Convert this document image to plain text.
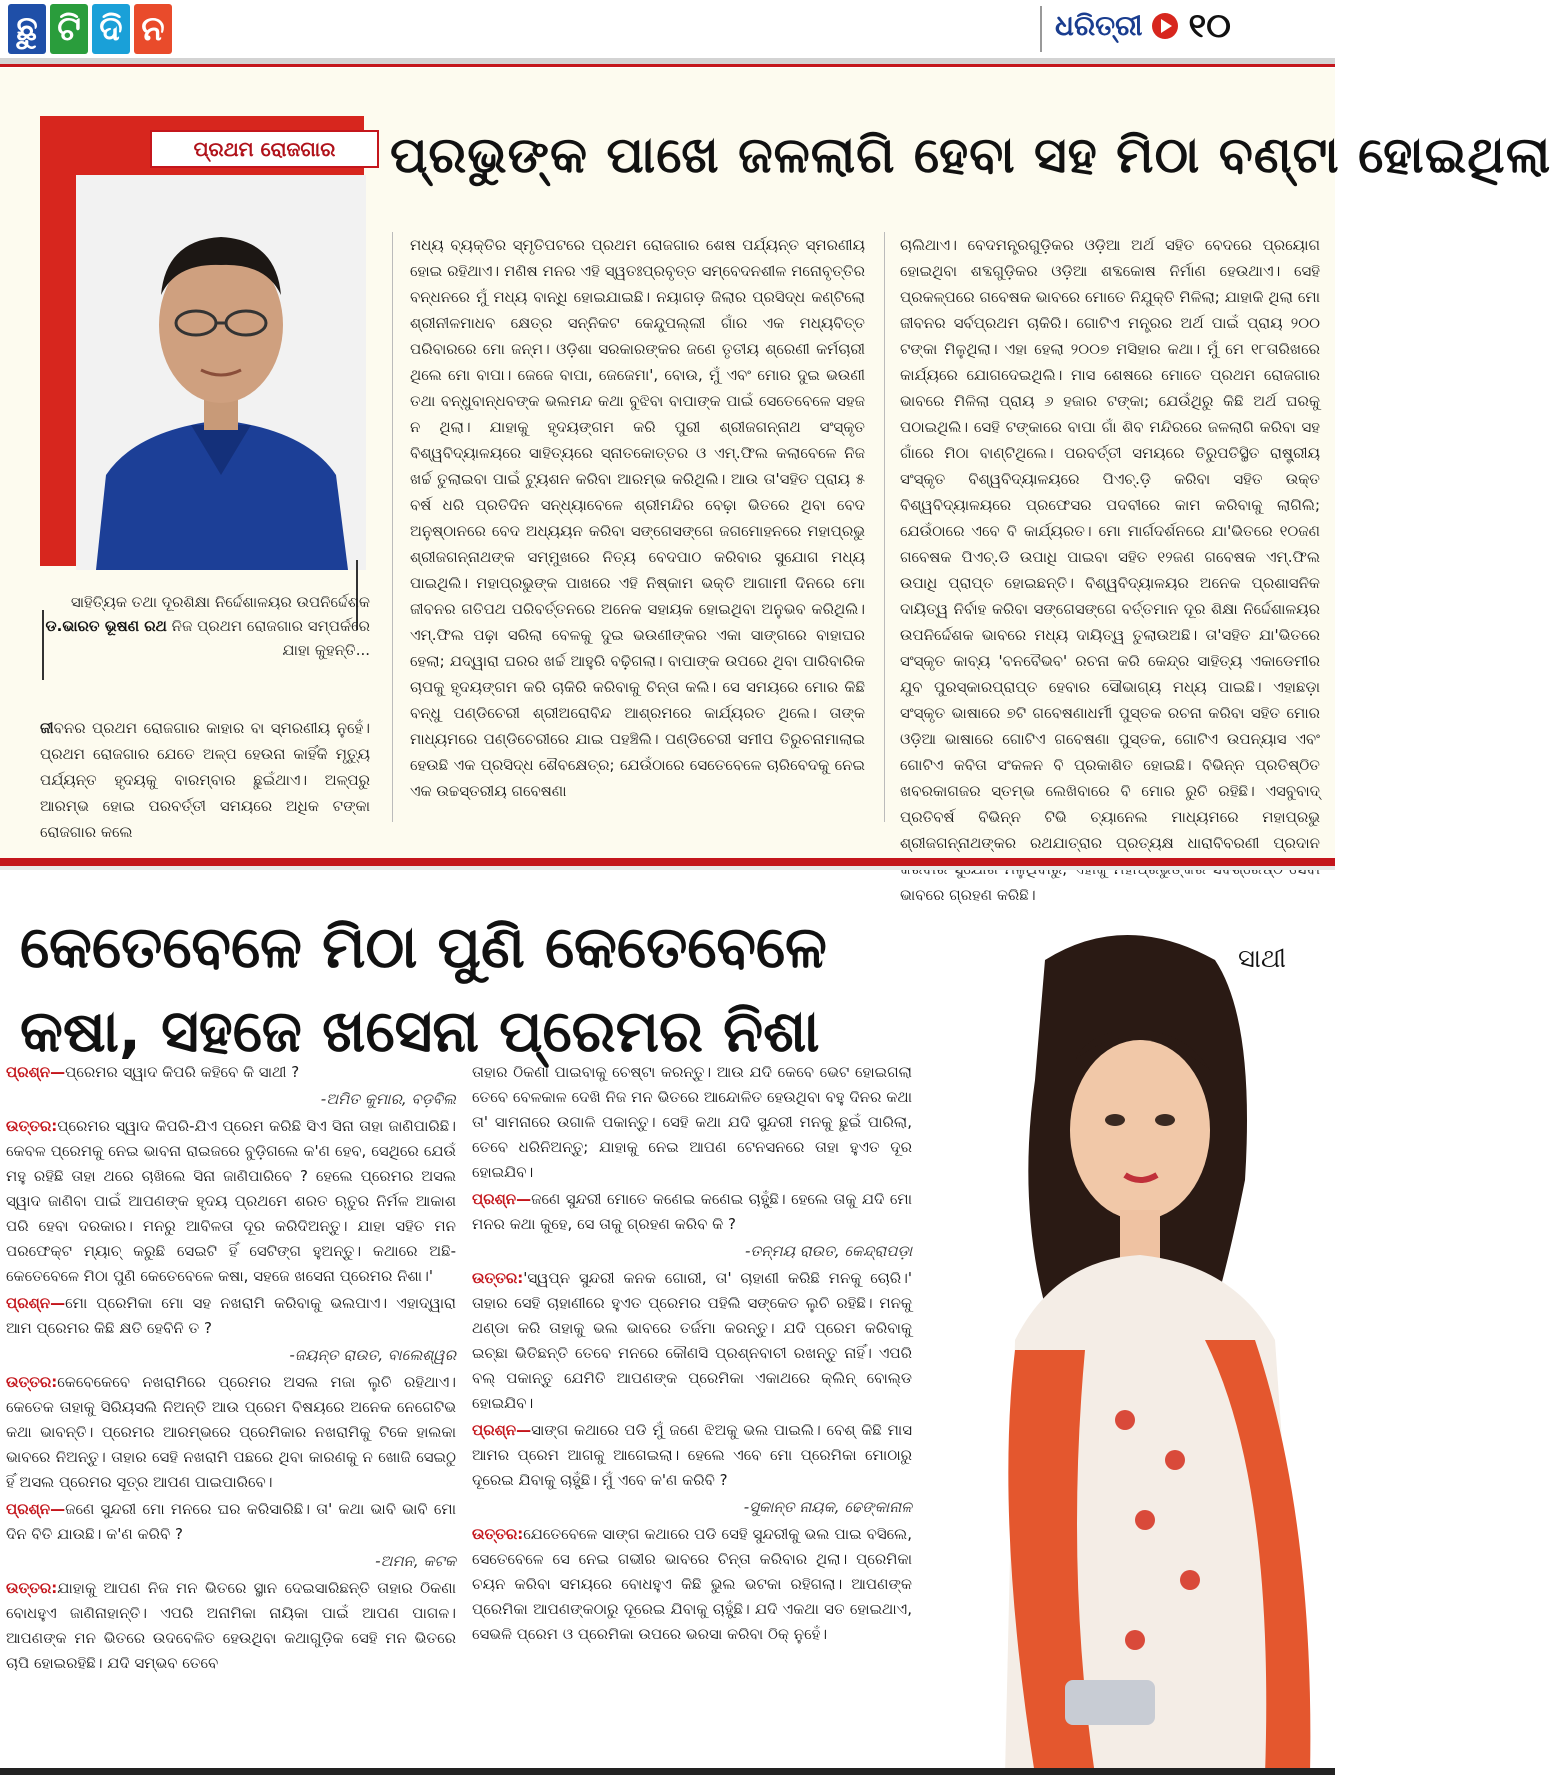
ଛୁ ଟି ଦି ନ	ଧରିତ୍ରୀ ୧୦
ପ୍ରଥମ ରୋଜଗାର	ପ୍ରଭୁଙ୍କ ପାଖେ ଜଳଲାଗି ହେବା ସହ ମିଠା ବଣ୍ଟା ହୋଇଥିଲା
ସାହିତ୍ୟିକ ତଥା ଦୂରଶିକ୍ଷା ନିର୍ଦ୍ଦେଶାଳୟର ଉପନିର୍ଦ୍ଦେଶକ ଡ.ଭାରତ ଭୂଷଣ ରଥ ନିଜ ପ୍ରଥମ ରୋଜଗାର ସମ୍ପର୍କରେ ଯାହା କୁହନ୍ତି...
ଜୀବନର ପ୍ରଥମ ରୋଜଗାର କାହାର ବା ସ୍ମରଣୀୟ ନୁହେଁ। ପ୍ରଥମ ରୋଜଗାର ଯେତେ ଅଳ୍ପ ହେଉନା କାହିଁକି ମୃତ୍ୟୁ ପର୍ଯ୍ୟନ୍ତ ହୃଦୟକୁ ବାରମ୍ବାର ଛୁଇଁଥାଏ। ଅଳ୍ପରୁ ଆରମ୍ଭ ହୋଇ ପରବର୍ତ୍ତୀ ସମୟରେ ଅଧିକ ଟଙ୍କା ରୋଜଗାର କଲେ
ମଧ୍ୟ ବ୍ୟକ୍ତିର ସ୍ମୃତିପଟରେ ପ୍ରଥମ ରୋଜଗାର ଶେଷ ପର୍ଯ୍ୟନ୍ତ ସ୍ମରଣୀୟ ହୋଇ ରହିଥାଏ। ମଣିଷ ମନର ଏହି ସ୍ୱତଃପ୍ରବୃତ୍ତ ସମ୍ବେଦନଶୀଳ ମନୋବୃତ୍ତିର ବନ୍ଧନରେ ମୁଁ ମଧ୍ୟ ବାନ୍ଧି ହୋଇଯାଇଛି। ନୟାଗଡ଼ ଜିଲାର ପ୍ରସିଦ୍ଧ କଣ୍ଟିଲୋ ଶ୍ରୀନୀଳମାଧବ କ୍ଷେତ୍ର ସନ୍ନିକଟ କେନ୍ଦୁପଲ୍ଲୀ ଗାଁର ଏକ ମଧ୍ୟବିତ୍ତ ପରିବାରରେ ମୋ ଜନ୍ମ। ଓଡ଼ିଶା ସରକାରଙ୍କର ଜଣେ ତୃତୀୟ ଶ୍ରେଣୀ କର୍ମଚାରୀ ଥିଲେ ମୋ ବାପା। ଜେଜେ ବାପା, ଜେଜେମା', ବୋଉ, ମୁଁ ଏବଂ ମୋର ଦୁଇ ଭଉଣୀ ତଥା ବନ୍ଧୁବାନ୍ଧବଙ୍କ ଭଲମନ୍ଦ କଥା ବୁଝିବା ବାପାଙ୍କ ପାଇଁ ସେତେବେଳେ ସହଜ ନ ଥିଲା। ଯାହାକୁ ହୃଦୟଙ୍ଗମ କରି ପୁରୀ ଶ୍ରୀଜଗନ୍ନାଥ ସଂସ୍କୃତ ବିଶ୍ୱବିଦ୍ୟାଳୟରେ ସାହିତ୍ୟରେ ସ୍ନାତକୋତ୍ତର ଓ ଏମ୍.ଫିଲ କଲାବେଳେ ନିଜ ଖର୍ଚ୍ଚ ତୁଲାଇବା ପାଇଁ ଟ୍ୟୁଶନ କରିବା ଆରମ୍ଭ କରିଥିଲି। ଆଉ ତା'ସହିତ ପ୍ରାୟ ୫ ବର୍ଷ ଧରି ପ୍ରତିଦିନ ସନ୍ଧ୍ୟାବେଳେ ଶ୍ରୀମନ୍ଦିର ବେଢ଼ା ଭିତରେ ଥିବା ବେଦ ଅନୁଷ୍ଠାନରେ ବେଦ ଅଧ୍ୟୟନ କରିବା ସଙ୍ଗେସଙ୍ଗେ ଜଗମୋହନରେ ମହାପ୍ରଭୁ ଶ୍ରୀଜଗନ୍ନାଥଙ୍କ ସମ୍ମୁଖରେ ନିତ୍ୟ ବେଦପାଠ କରିବାର ସୁଯୋଗ ମଧ୍ୟ ପାଇଥିଲି। ମହାପ୍ରଭୁଙ୍କ ପାଖରେ ଏହି ନିଷ୍କାମ ଭକ୍ତି ଆଗାମୀ ଦିନରେ ମୋ ଜୀବନର ଗତିପଥ ପରିବର୍ତ୍ତନରେ ଅନେକ ସହାୟକ ହୋଇଥିବା ଅନୁଭବ କରିଥିଲି। ଏମ୍.ଫିଲ ପଢ଼ା ସରିଲା ବେଳକୁ ଦୁଇ ଭଉଣୀଙ୍କର ଏକା ସାଙ୍ଗରେ ବାହାଘର ହେଲା; ଯଦ୍ୱାରା ଘରର ଖର୍ଚ୍ଚ ଆହୁରି ବଢ଼ିଗଲା। ବାପାଙ୍କ ଉପରେ ଥିବା ପାରିବାରିକ ଚାପକୁ ହୃଦୟଙ୍ଗମ କରି ଚାକିରି କରିବାକୁ ଚିନ୍ତା କଲି। ସେ ସମୟରେ ମୋର କିଛି ବନ୍ଧୁ ପଣ୍ଡିଚେରୀ ଶ୍ରୀଅରୋବିନ୍ଦ ଆଶ୍ରମରେ କାର୍ଯ୍ୟରତ ଥିଲେ। ତାଙ୍କ ମାଧ୍ୟମରେ ପଣ୍ଡିଚେରୀରେ ଯାଇ ପହଞ୍ଚିଲି। ପଣ୍ଡିଚେରୀ ସମୀପ ତିରୁଚନାମାଲାଇ ହେଉଛି ଏକ ପ୍ରସିଦ୍ଧ ଶୈବକ୍ଷେତ୍ର; ଯେଉଁଠାରେ ସେତେବେଳେ ଚାରିବେଦକୁ ନେଇ ଏକ ଉଚ୍ଚସ୍ତରୀୟ ଗବେଷଣା
ଚାଲିଥାଏ। ବେଦମନ୍ତ୍ରଗୁଡ଼ିକର ଓଡ଼ିଆ ଅର୍ଥ ସହିତ ବେଦରେ ପ୍ରୟୋଗ ହୋଇଥିବା ଶବ୍ଦଗୁଡ଼ିକର ଓଡ଼ିଆ ଶବ୍ଦକୋଷ ନିର୍ମାଣ ହେଉଥାଏ। ସେହି ପ୍ରକଳ୍ପରେ ଗବେଷକ ଭାବରେ ମୋତେ ନିଯୁକ୍ତି ମିଳିଲା; ଯାହାକି ଥିଲା ମୋ ଜୀବନର ସର୍ବପ୍ରଥମ ଚାକିରି। ଗୋଟିଏ ମନ୍ତ୍ରର ଅର୍ଥ ପାଇଁ ପ୍ରାୟ ୨୦୦ ଟଙ୍କା ମିଳୁଥିଲା। ଏହା ହେଲା ୨୦୦୭ ମସିହାର କଥା। ମୁଁ ମେ ୧୮ତାରିଖରେ କାର୍ଯ୍ୟରେ ଯୋଗଦେଇଥିଲି। ମାସ ଶେଷରେ ମୋତେ ପ୍ରଥମ ରୋଜଗାର ଭାବରେ ମିଳିଲା ପ୍ରାୟ ୬ ହଜାର ଟଙ୍କା; ଯେଉଁଥିରୁ କିଛି ଅର୍ଥ ଘରକୁ ପଠାଇଥିଲି। ସେହି ଟଙ୍କାରେ ବାପା ଗାଁ ଶିବ ମନ୍ଦିରରେ ଜଳଲାଗି କରିବା ସହ ଗାଁରେ ମିଠା ବାଣ୍ଟିଥିଲେ। ପରବର୍ତ୍ତୀ ସମୟରେ ତିରୁପତିସ୍ଥିତ ରାଷ୍ଟ୍ରୀୟ ସଂସ୍କୃତ ବିଶ୍ୱବିଦ୍ୟାଳୟରେ ପିଏଚ୍.ଡ଼ି କରିବା ସହିତ ଉକ୍ତ ବିଶ୍ୱବିଦ୍ୟାଳୟରେ ପ୍ରଫେସର ପଦବୀରେ କାମ କରିବାକୁ ଲାଗିଲି; ଯେଉଁଠାରେ ଏବେ ବି କାର୍ଯ୍ୟରତ। ମୋ ମାର୍ଗଦର୍ଶନରେ ଯା'ଭିତରେ ୧୦ଜଣ ଗବେଷକ ପିଏଚ୍.ଡି ଉପାଧି ପାଇବା ସହିତ ୧୨ଜଣ ଗବେଷକ ଏମ୍.ଫିଲ ଉପାଧି ପ୍ରାପ୍ତ ହୋଇଛନ୍ତି। ବିଶ୍ୱବିଦ୍ୟାଳୟର ଅନେକ ପ୍ରଶାସନିକ ଦାୟିତ୍ୱ ନିର୍ବାହ କରିବା ସଙ୍ଗେସଙ୍ଗେ ବର୍ତ୍ତମାନ ଦୂର ଶିକ୍ଷା ନିର୍ଦ୍ଦେଶାଳୟର ଉପନିର୍ଦ୍ଦେଶକ ଭାବରେ ମଧ୍ୟ ଦାୟିତ୍ୱ ତୁଲାଉଅଛି। ତା'ସହିତ ଯା'ଭିତରେ ସଂସ୍କୃତ କାବ୍ୟ 'ବନବୈଭବ' ରଚନା କରି କେନ୍ଦ୍ର ସାହିତ୍ୟ ଏକାଡେମୀର ଯୁବ ପୁରସ୍କାରପ୍ରାପ୍ତ ହେବାର ସୌଭାଗ୍ୟ ମଧ୍ୟ ପାଇଛି। ଏହାଛଡ଼ା ସଂସ୍କୃତ ଭାଷାରେ ୭ଟି ଗବେଷଣାଧର୍ମୀ ପୁସ୍ତକ ରଚନା କରିବା ସହିତ ମୋର ଓଡ଼ିଆ ଭାଷାରେ ଗୋଟିଏ ଗବେଷଣା ପୁସ୍ତକ, ଗୋଟିଏ ଉପନ୍ୟାସ ଏବଂ ଗୋଟିଏ କବିତା ସଂକଳନ ବି ପ୍ରକାଶିତ ହୋଇଛି। ବିଭିନ୍ନ ପ୍ରତିଷ୍ଠିତ ଖବରକାଗଜର ସ୍ତମ୍ଭ ଲେଖିବାରେ ବି ମୋର ରୁଚି ରହିଛି। ଏସବୁବାଦ୍ ପ୍ରତିବର୍ଷ ବିଭିନ୍ନ ଟିଭି ଚ୍ୟାନେଲ ମାଧ୍ୟମରେ ମହାପ୍ରଭୁ ଶ୍ରୀଜଗନ୍ନାଥଙ୍କର ରଥଯାତ୍ରାର ପ୍ରତ୍ୟକ୍ଷ ଧାରାବିବରଣୀ ପ୍ରଦାନ ଭାବରେ ଗ୍ରହଣ କରିଛି।
କେତେବେଳେ ମିଠା ପୁଣି କେତେବେଳେ
କଷା, ସହଜେ ଖସେନା ପ୍ରେମର ନିଶା
ସାଥୀ

ପ୍ରଶ୍ନ—ପ୍ରେମର ସ୍ୱାଦ କିପରି କହିବେ କି ସାଥୀ ?

-ଅମିତ କୁମାର, ବଡ଼ବିଲ

ଉତ୍ତର:ପ୍ରେମର ସ୍ୱାଦ କିପରି-ଯିଏ ପ୍ରେମ କରିଛି ସିଏ ସିନା ତାହା ଜାଣିପାରିଛି। କେବଳ ପ୍ରେମକୁ ନେଇ ଭାବନା ରାଇଜରେ ବୁଡ଼ିଗଲେ କ'ଣ ହେବ, ସେଥିରେ ଯେଉଁ ମହୁ ରହିଛି ତାହା ଥରେ ଚାଖିଲେ ସିନା ଜାଣିପାରିବେ ? ହେଲେ ପ୍ରେମର ଅସଲ ସ୍ୱାଦ ଜାଣିବା ପାଇଁ ଆପଣଙ୍କ ହୃଦୟ ପ୍ରଥମେ ଶରତ ଋତୁର ନିର୍ମଳ ଆକାଶ ପରି ହେବା ଦରକାର। ମନରୁ ଆବିଳତା ଦୂର କରିଦିଅନ୍ତୁ। ଯାହା ସହିତ ମନ ପରଫେକ୍ଟ ମ୍ୟାଚ୍ କରୁଛି ସେଇଟି ହିଁ ସେଟିଙ୍ଗ ହୁଅନ୍ତୁ। କଥାରେ ଅଛି-କେତେବେଳେ ମିଠା ପୁଣି କେତେବେଳେ କଷା, ସହଜେ ଖସେନା ପ୍ରେମର ନିଶା।'

ପ୍ରଶ୍ନ—ମୋ ପ୍ରେମିକା ମୋ ସହ ନଖରାମି କରିବାକୁ ଭଲପାଏ। ଏହାଦ୍ୱାରା ଆମ ପ୍ରେମର କିଛି କ୍ଷତି ହେବିନି ତ ?

-ଜୟନ୍ତ ରାଉତ, ବାଲେଶ୍ୱର

ଉତ୍ତର:କେବେକେବେ ନଖରାମିରେ ପ୍ରେମର ଅସଲ ମଜା ଲୁଚି ରହିଥାଏ। କେତେକ ତାହାକୁ ସିରିୟସଲି ନିଅନ୍ତି ଆଉ ପ୍ରେମ ବିଷୟରେ ଅନେକ ନେଗେଟିଭ କଥା ଭାବନ୍ତି। ପ୍ରେମର ଆରମ୍ଭରେ ପ୍ରେମିକାର ନଖରାମିକୁ ଟିକେ ହାଲକା ଭାବରେ ନିଅନ୍ତୁ। ତାହାର ସେହି ନଖରାମି ପଛରେ ଥିବା କାରଣକୁ ନ ଖୋଜି ସେଇଠୁ ହିଁ ଅସଲ ପ୍ରେମର ସୂତ୍ର ଆପଣ ପାଇପାରିବେ।

ପ୍ରଶ୍ନ—ଜଣେ ସୁନ୍ଦରୀ ମୋ ମନରେ ଘର କରିସାରିଛି। ତା' କଥା ଭାବି ଭାବି ମୋ ଦିନ ବିତି ଯାଉଛି। କ'ଣ କରିବି ?

-ଅମନ, କଟକ

ଉତ୍ତର:ଯାହାକୁ ଆପଣ ନିଜ ମନ ଭିତରେ ସ୍ଥାନ ଦେଇସାରିଛନ୍ତି ତାହାର ଠିକଣା ବୋଧହୁଏ ଜାଣିନାହାନ୍ତି। ଏପରି ଅନାମିକା ନାୟିକା ପାଇଁ ଆପଣ ପାଗଳ। ଆପଣଙ୍କ ମନ ଭିତରେ ଉଦବେଳିତ ହେଉଥିବା କଥାଗୁଡ଼ିକ ସେହି ମନ ଭିତରେ ଚାପି ହୋଇରହିଛି। ଯଦି ସମ୍ଭବ ତେବେ

ତାହାର ଠିକଣା ପାଇବାକୁ ଚେଷ୍ଟା କରନ୍ତୁ। ଆଉ ଯଦି କେବେ ଭେଟ ହୋଇଗଲା ତେବେ ବେଳକାଳ ଦେଖି ନିଜ ମନ ଭିତରେ ଆନ୍ଦୋଳିତ ହେଉଥିବା ବହୁ ଦିନର କଥା ତା' ସାମନାରେ ଉଗାଳି ପକାନ୍ତୁ। ସେହି କଥା ଯଦି ସୁନ୍ଦରୀ ମନକୁ ଛୁଇଁ ପାରିଲା, ତେବେ ଧରିନିଅନ୍ତୁ; ଯାହାକୁ ନେଇ ଆପଣ ଟେନସନରେ ତାହା ହୁଏତ ଦୂର ହୋଇଯିବ।

ପ୍ରଶ୍ନ—ଜଣେ ସୁନ୍ଦରୀ ମୋତେ କଣେଇ କଣେଇ ଚାହୁଁଛି। ହେଲେ ତାକୁ ଯଦି ମୋ ମନର କଥା କୁହେ, ସେ ତାକୁ ଗ୍ରହଣ କରିବ କି ?

-ତନ୍ମୟ ରାଉତ, କେନ୍ଦ୍ରାପଡ଼ା

ଉତ୍ତର:'ସ୍ୱପ୍ନ ସୁନ୍ଦରୀ କନକ ଗୋରୀ, ତା' ଚାହାଣୀ କରିଛି ମନକୁ ଚୋରି।' ତାହାର ସେହି ଚାହାଣୀରେ ହୁଏତ ପ୍ରେମର ପହିଲି ସଙ୍କେତ ଲୁଚି ରହିଛି। ମନକୁ ଥଣ୍ଡା କରି ତାହାକୁ ଭଲ ଭାବରେ ତର୍ଜମା କରନ୍ତୁ। ଯଦି ପ୍ରେମ କରିବାକୁ ଇଚ୍ଛା ଭିତିଛନ୍ତି ତେବେ ମନରେ କୌଣସି ପ୍ରଶ୍ନବାଚୀ ରଖନ୍ତୁ ନାହିଁ। ଏପରି ବଲ୍ ପକାନ୍ତୁ ଯେମିତି ଆପଣଙ୍କ ପ୍ରେମିକା ଏକାଥରେ କ୍ଲିନ୍ ବୋଲ୍ଡ ହୋଇଯିବ।

ପ୍ରଶ୍ନ—ସାଙ୍ଗ କଥାରେ ପଡି ମୁଁ ଜଣେ ଝିଅକୁ ଭଲ ପାଇଲି। ବେଶ୍ କିଛି ମାସ ଆମର ପ୍ରେମ ଆଗକୁ ଆଗେଇଲା। ହେଲେ ଏବେ ମୋ ପ୍ରେମିକା ମୋଠାରୁ ଦୂରେଇ ଯିବାକୁ ଚାହୁଁଛି। ମୁଁ ଏବେ କ'ଣ କରିବି ?

-ସୁକାନ୍ତ ନାୟକ, ଢେଙ୍କାନାଳ

ଉତ୍ତର:ଯେତେବେଳେ ସାଙ୍ଗ କଥାରେ ପଡି ସେହି ସୁନ୍ଦରୀକୁ ଭଲ ପାଇ ବସିଲେ, ସେତେବେଳେ ସେ ନେଇ ଗଭୀର ଭାବରେ ଚିନ୍ତା କରିବାର ଥିଲା। ପ୍ରେମିକା ଚୟନ କରିବା ସମୟରେ ବୋଧହୁଏ କିଛି ଭୁଲ ଭଟକା ରହିଗଲା। ଆପଣଙ୍କ ପ୍ରେମିକା ଆପଣଙ୍କଠାରୁ ଦୂରେଇ ଯିବାକୁ ଚାହୁଁଛି। ଯଦି ଏକଥା ସତ ହୋଇଥାଏ, ସେଭଳି ପ୍ରେମ ଓ ପ୍ରେମିକା ଉପରେ ଭରସା କରିବା ଠିକ୍ ନୁହେଁ।
